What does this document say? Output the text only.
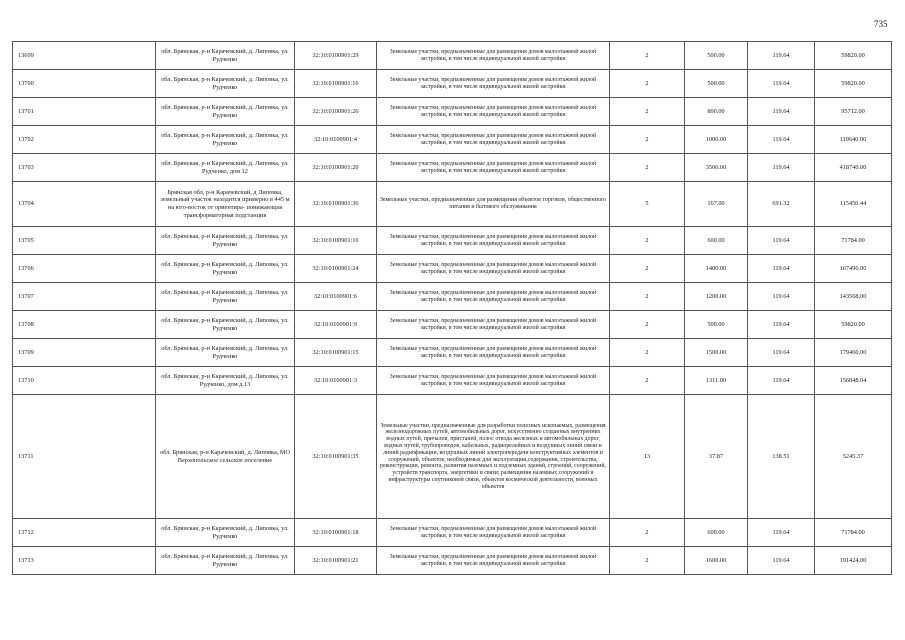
735
13699	обл. Брянская, р-н Карачевский, д. Липовка, ул. Рудченко	32:10:0100901:29	Земельные участки, предназначенные для размещения домов малоэтажной жилой застройки, в том числе индивидуальной жилой застройки	2	500.00	119.64	59820.00
13700	обл. Брянская, р-н Карачевский, д. Липовка, ул. Рудченко	32:10:0100901:16	Земельные участки, предназначенные для размещения домов малоэтажной жилой застройки, в том числе индивидуальной жилой застройки	2	500.00	119.64	59820.00
13701	обл. Брянская, р-н Карачевский, д. Липовка, ул. Рудченко	32:10:0100901:26	Земельные участки, предназначенные для размещения домов малоэтажной жилой застройки, в том числе индивидуальной жилой застройки	2	800.00	119.64	95712.00
13702	обл. Брянская, р-н Карачевский, д. Липовка, ул. Рудченко	32:10:0100901:4	Земельные участки, предназначенные для размещения домов малоэтажной жилой застройки, в том числе индивидуальной жилой застройки	2	1000.00	119.64	119640.00
13703	обл. Брянская, р-н Карачевский, д. Липовка, ул. Рудченко, дом 12	32:10:0100901:20	Земельные участки, предназначенные для размещения домов малоэтажной жилой застройки, в том числе индивидуальной жилой застройки	2	3500.00	119.64	418740.00
13704	Брянская обл, р-н Карачевский, д Липовка, земельный участок находится примерно в 445 м на юго-восток от ориентира- понижающая трансформаторная подстанция	32:10:0100901:36	Земельные участки, предназначенные для размещения объектов торговли, общественного питания и бытового обслуживания	5	167.00	691.32	115450.44
13705	обл. Брянская, р-н Карачевский, д. Липовка, ул. Рудченко	32:10:0100901:10	Земельные участки, предназначенные для размещения домов малоэтажной жилой застройки, в том числе индивидуальной жилой застройки	2	600.00	119.64	71784.00
13706	обл. Брянская, р-н Карачевский, д. Липовка, ул. Рудченко	32:10:0100901:24	Земельные участки, предназначенные для размещения домов малоэтажной жилой застройки, в том числе индивидуальной жилой застройки	2	1400.00	119.64	167496.00
13707	обл. Брянская, р-н Карачевский, д. Липовка, ул. Рудченко	32:10:0100901:6	Земельные участки, предназначенные для размещения домов малоэтажной жилой застройки, в том числе индивидуальной жилой застройки	2	1200.00	119.64	143568.00
13708	обл. Брянская, р-н Карачевский, д. Липовка, ул. Рудченко	32:10:0100901:9	Земельные участки, предназначенные для размещения домов малоэтажной жилой застройки, в том числе индивидуальной жилой застройки	2	500.00	119.64	59820.00
13709	обл. Брянская, р-н Карачевский, д. Липовка, ул. Рудченко	32:10:0100901:15	Земельные участки, предназначенные для размещения домов малоэтажной жилой застройки, в том числе индивидуальной жилой застройки	2	1500.00	119.64	179460.00
13710	обл. Брянская, р-н Карачевский, д. Липовка, ул. Рудченко, дом д.13	32:10:0100901:3	Земельные участки, предназначенные для размещения домов малоэтажной жилой застройки, в том числе индивидуальной жилой застройки	2	1311.00	119.64	156848.04
13711	обл. Брянская, р-н Карачевский, д. Липовка, МО Верхопольское сельское поселение	32:10:0100901:35	Земельные участки, предназначенные для разработки полезных ископаемых, размещения железнодорожных путей, автомобильных дорог, искусственно созданных внутренних водных путей, причалов, пристаней, полос отвода железных и автомобильных дорог, водных путей, трубопроводов, кабельных, радиорелейных и воздушных линий связи и линий радиофикации, воздушных линий электропередачи конструктивных элементов и сооружений, объектов, необходимых для эксплуатации,содержания, строительства, реконструкции, ремонта, развития наземных и подземных зданий, строений, сооружений, устройств транспорта, энергетики и связи; размещения наземных сооружений и инфраструктуры спутниковой связи, объектов космической деятельности, военных объектов	13	37.87	138.51	5245.37
13712	обл. Брянская, р-н Карачевский, д. Липовка, ул. Рудченко	32:10:0100901:18	Земельные участки, предназначенные для размещения домов малоэтажной жилой застройки, в том числе индивидуальной жилой застройки	2	600.00	119.64	71784.00
13713	обл. Брянская, р-н Карачевский, д. Липовка, ул. Рудченко	32:10:0100901:21	Земельные участки, предназначенные для размещения домов малоэтажной жилой застройки, в том числе индивидуальной жилой застройки	2	1600.00	119.64	191424.00
